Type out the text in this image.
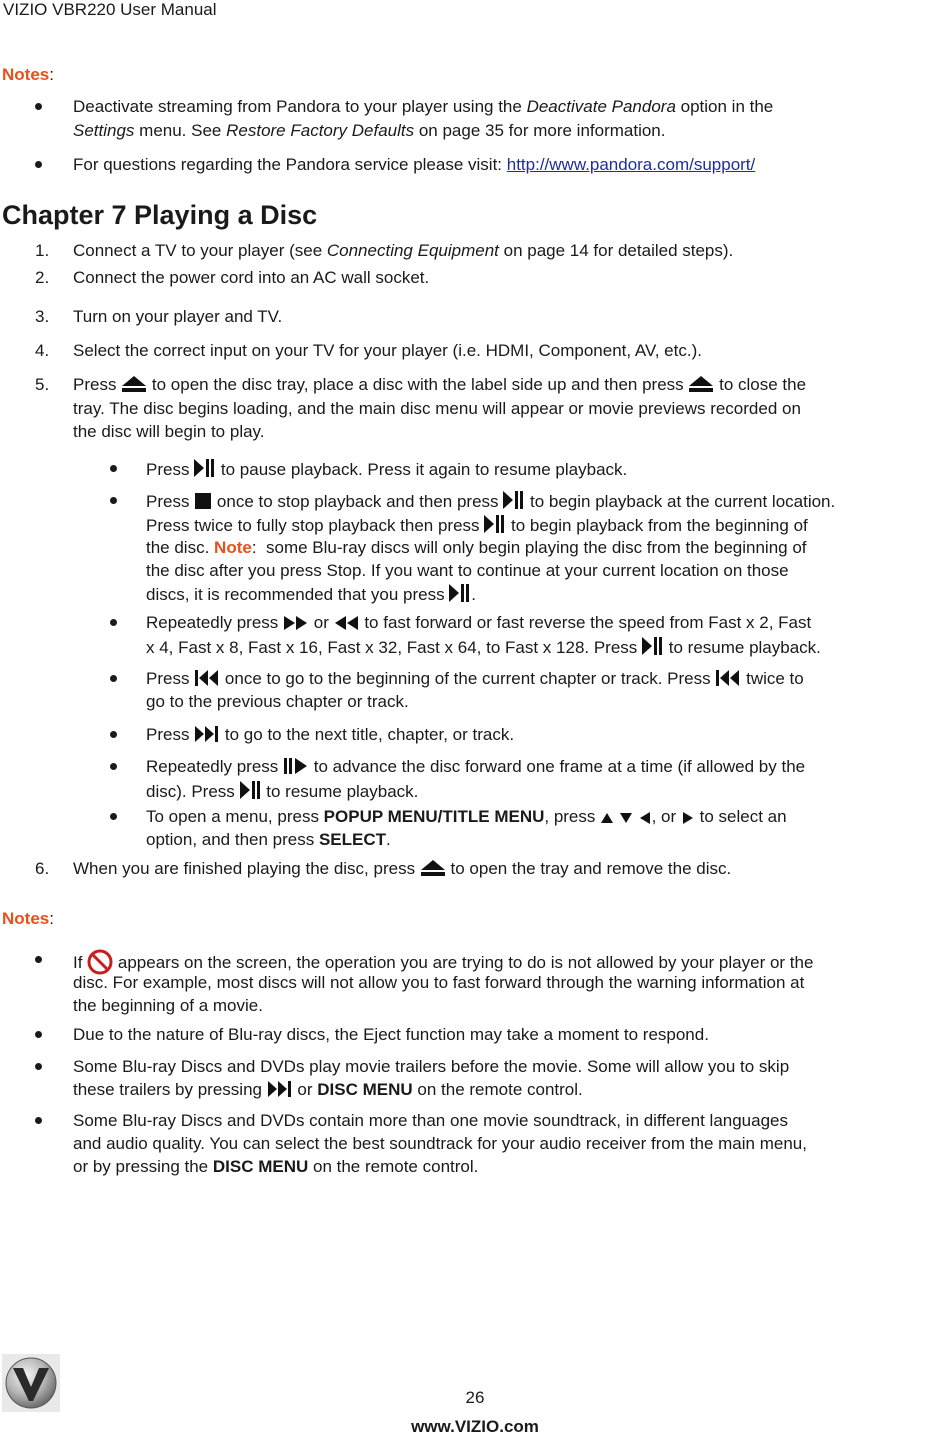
VIZIO VBR220 User Manual
Notes:
Deactivate streaming from Pandora to your player using the Deactivate Pandora option in the
Settings menu. See Restore Factory Defaults on page 35 for more information.
For questions regarding the Pandora service please visit: http://www.pandora.com/support/
Chapter 7 Playing a Disc
1. Connect a TV to your player (see Connecting Equipment on page 14 for detailed steps).
2. Connect the power cord into an AC wall socket.
3. Turn on your player and TV.
4. Select the correct input on your TV for your player (i.e. HDMI, Component, AV, etc.).
5. Press  to open the disc tray, place a disc with the label side up and then press  to close the
tray. The disc begins loading, and the main disc menu will appear or movie previews recorded on
the disc will begin to play.
Press  to pause playback. Press it again to resume playback.
Press  once to stop playback and then press  to begin playback at the current location.
Press twice to fully stop playback then press  to begin playback from the beginning of
the disc. Note:  some Blu-ray discs will only begin playing the disc from the beginning of
the disc after you press Stop. If you want to continue at your current location on those
discs, it is recommended that you press .
Repeatedly press  or  to fast forward or fast reverse the speed from Fast x 2, Fast
x 4, Fast x 8, Fast x 16, Fast x 32, Fast x 64, to Fast x 128. Press  to resume playback.
Press  once to go to the beginning of the current chapter or track. Press  twice to
go to the previous chapter or track.
Press  to go to the next title, chapter, or track.
Repeatedly press  to advance the disc forward one frame at a time (if allowed by the
disc). Press  to resume playback.
To open a menu, press POPUP MENU/TITLE MENU, press	, or  to select an
option, and then press SELECT.
6. When you are finished playing the disc, press  to open the tray and remove the disc.
Notes:
If  appears on the screen, the operation you are trying to do is not allowed by your player or the
disc. For example, most discs will not allow you to fast forward through the warning information at
the beginning of a movie.
Due to the nature of Blu-ray discs, the Eject function may take a moment to respond.
Some Blu-ray Discs and DVDs play movie trailers before the movie. Some will allow you to skip
these trailers by pressing  or DISC MENU on the remote control.
Some Blu-ray Discs and DVDs contain more than one movie soundtrack, in different languages
and audio quality. You can select the best soundtrack for your audio receiver from the main menu,
or by pressing the DISC MENU on the remote control.
26
www.VIZIO.com
